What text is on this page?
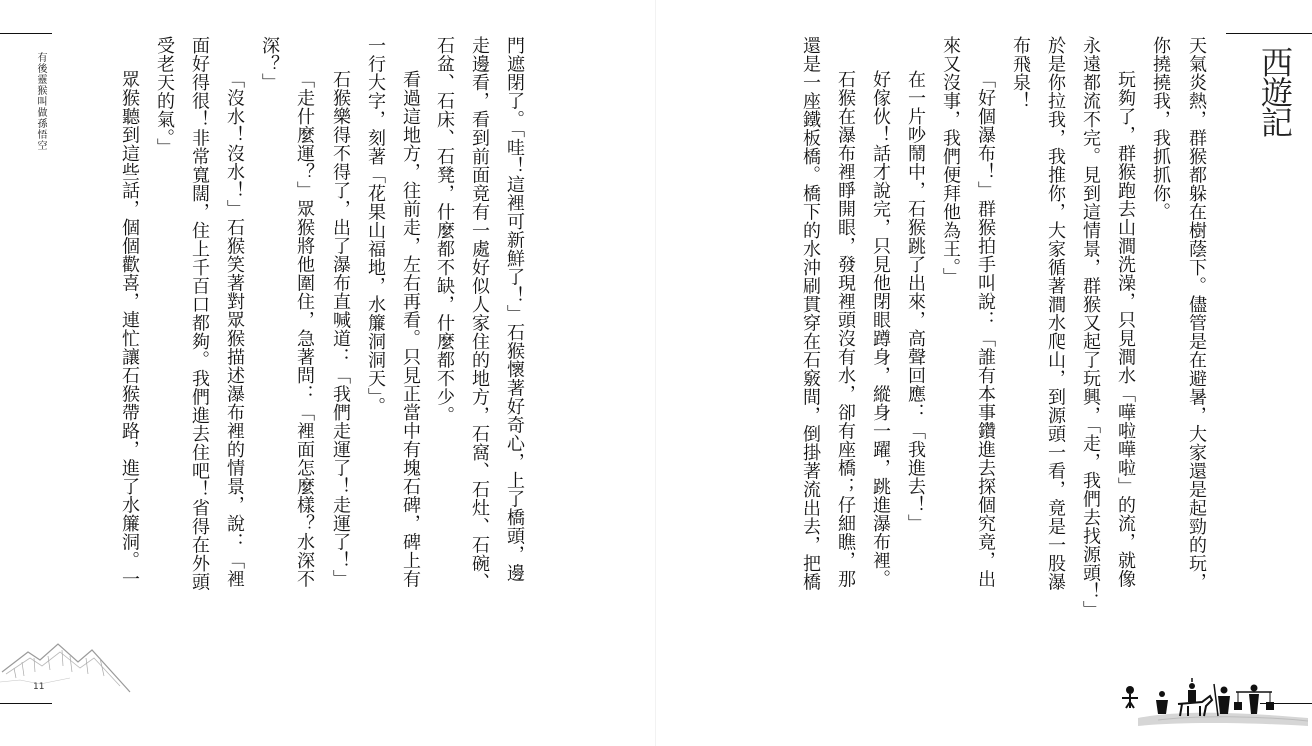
有後靈猴叫做孫悟空	門遮閉了。「哇！這裡可新鮮了！」石猴懷著好奇心，上了橋頭，邊
走邊看，看到前面竟有一處好似人家住的地方，石窩、石灶、石碗、
石盆、石床、石凳，什麼都不缺，什麼都不少。
看過這地方，往前走，左右再看。只見正當中有塊石碑，碑上有
一行大字，刻著「花果山福地，水簾洞洞天」。
石猴樂得不得了，出了瀑布直喊道：「我們走運了！走運了！」
「走什麼運？」眾猴將他圍住，急著問：「裡面怎麼樣？水深不
深？」
「沒水！沒水！」石猴笑著對眾猴描述瀑布裡的情景，說：「裡
面好得很！非常寬闊，住上千百口都夠。我們進去住吧！省得在外頭
受老天的氣。」
眾猴聽到這些話，個個歡喜，連忙讓石猴帶路，進了水簾洞。一
11
天氣炎熱，群猴都躲在樹蔭下。儘管是在避暑，大家還是起勁的玩，
你撓撓我，我抓抓你。
玩夠了，群猴跑去山澗洗澡，只見澗水「嘩啦嘩啦」的流，就像
永遠都流不完。見到這情景，群猴又起了玩興，「走，我們去找源頭！」
於是你拉我，我推你，大家循著澗水爬山，到源頭一看，竟是一股瀑
布飛泉！
「好個瀑布！」群猴拍手叫說：「誰有本事鑽進去探個究竟，出
來又沒事，我們便拜他為王。」
在一片吵鬧中，石猴跳了出來，高聲回應：「我進去！」
好傢伙！話才說完，只見他閉眼蹲身，縱身一躍，跳進瀑布裡。
石猴在瀑布裡睜開眼，發現裡頭沒有水，卻有座橋；仔細瞧，那
還是一座鐵板橋。橋下的水沖刷貫穿在石竅間，倒掛著流出去，把橋	西遊記
